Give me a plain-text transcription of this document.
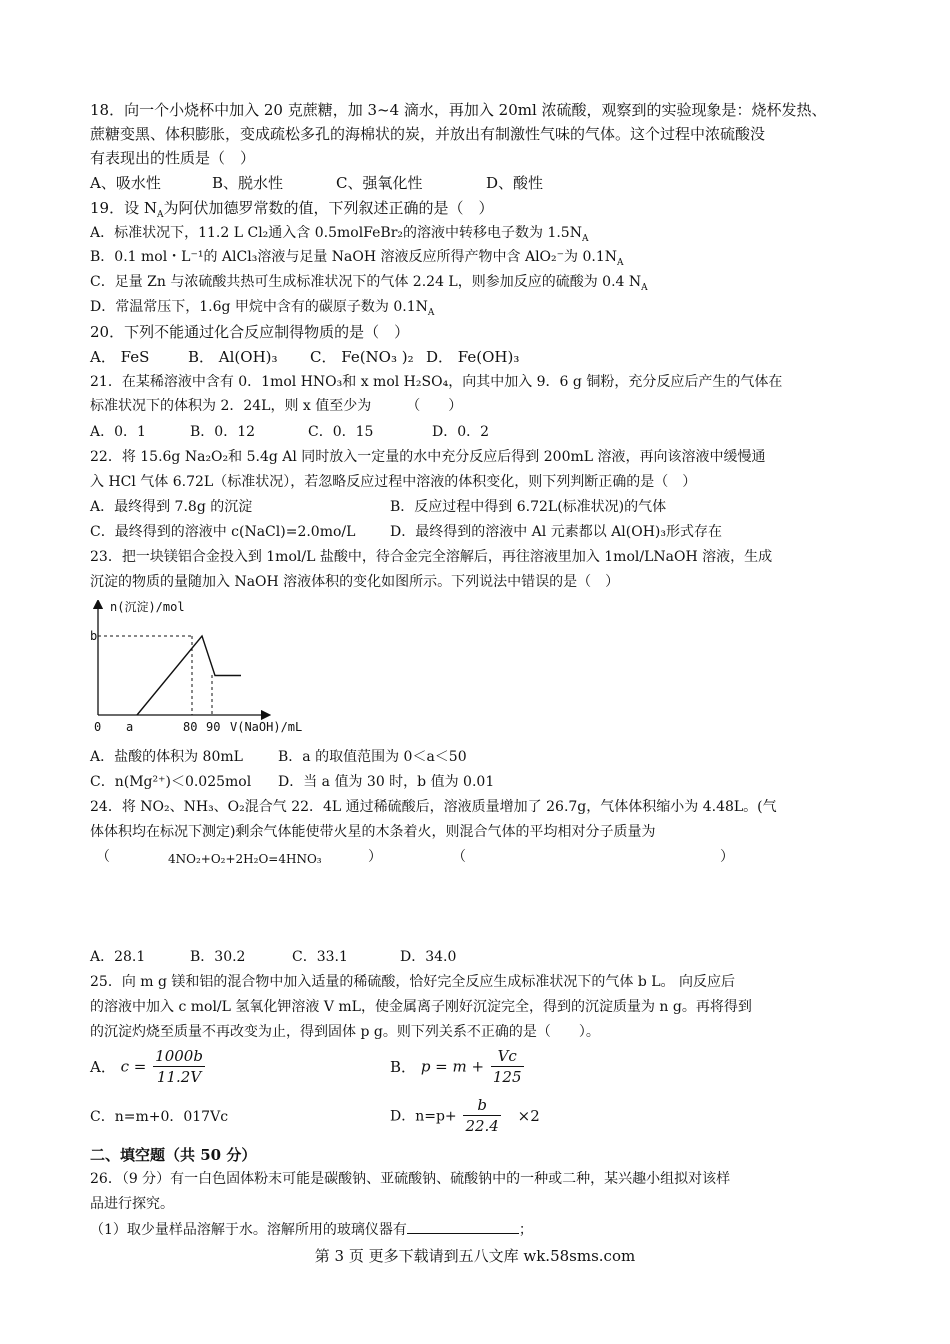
18．向一个小烧杯中加入 20 克蔗糖，加 3~4 滴水，再加入 20ml 浓硫酸，观察到的实验现象是：烧杯发热、
蔗糖变黑、体积膨胀，变成疏松多孔的海棉状的炭，并放出有制激性气味的气体。这个过程中浓硫酸没
有表现出的性质是（　）
A、吸水性	B、脱水性	C、强氧化性	D、酸性
19．设 $N_A$为阿伏加德罗常数的值，下列叙述正确的是（　）
A．标准状况下，11.2 L Cl₂通入含 0.5molFeBr₂的溶液中转移电子数为 $1.5N_A$
B．0.1 mol・L⁻¹的 AlCl₃溶液与足量 NaOH 溶液反应所得产物中含 AlO₂⁻为 $0.1N_A$
C．足量 Zn 与浓硫酸共热可生成标准状况下的气体 2.24 L，则参加反应的硫酸为 0.4 $N_A$
D．常温常压下，1.6g 甲烷中含有的碳原子数为 $0.1N_A$
20．下列不能通过化合反应制得物质的是（　）
A． FeS	B． Al(OH)₃ C． Fe(NO₃ )₂ D． Fe(OH)₃
21．在某稀溶液中含有 0．1mol HNO₃和 x mol H₂SO₄，向其中加入 9．6 g 铜粉，充分反应后产生的气体在
标准状况下的体积为 2．24L，则 x 值至少为　　　（　　）
A．0．1	B．0．12	C．0．15	D．0．2
22．将 15.6g Na₂O₂和 5.4g Al 同时放入一定量的水中充分反应后得到 200mL 溶液，再向该溶液中缓慢通
入 HCl 气体 6.72L（标准状况），若忽略反应过程中溶液的体积变化，则下列判断正确的是（　）
A．最终得到 7.8g 的沉淀	B．反应过程中得到 6.72L(标准状况)的气体
C．最终得到的溶液中 c(NaCl)=2.0mo/L D．最终得到的溶液中 Al 元素都以 Al(OH)₃形式存在
23．把一块镁铝合金投入到 1mol/L 盐酸中，待合金完全溶解后，再往溶液里加入 1mol/LNaOH 溶液，生成
沉淀的物质的量随加入 NaOH 溶液体积的变化如图所示。下列说法中错误的是（　）
n(沉淀)/mol
V(NaOH)/mL
0
b
a	80 90
A．盐酸的体积为 80mL	B．a 的取值范围为 0＜a＜50
C．n(Mg²⁺)＜0.025mol D．当 a 值为 30 时，b 值为 0.01
24．将 NO₂、NH₃、O₂混合气 22．4L 通过稀硫酸后，溶液质量增加了 26.7g，气体体积缩小为 4.48L。(气
体体积均在标况下测定)剩余气体能使带火星的木条着火，则混合气体的平均相对分子质量为
（	4NO₂+O₂+2H₂O=4HNO₃	）	（	）
A．28.1	B．30.2	C．33.1	D．34.0
25．向 m g 镁和铝的混合物中加入适量的稀硫酸，恰好完全反应生成标准状况下的气体 b L。 向反应后
的溶液中加入 c mol/L 氢氧化钾溶液 V mL，使金属离子刚好沉淀完全，得到的沉淀质量为 n g。再将得到
的沉淀灼烧至质量不再改变为止，得到固体 p g。则下列关系不正确的是（　　）。
A． $c = \frac{1000b}{11.2V}$	B． $p = m + \frac{Vc}{125}$
C．n=m+0．017Vc	D．$n=p+ \frac{b}{22.4} \times 2$
二、填空题（共 50 分）
26．（9 分）有一白色固体粉末可能是碳酸钠、亚硫酸钠、硫酸钠中的一种或二种，某兴趣小组拟对该样
品进行探究。
（1）取少量样品溶解于水。溶解所用的玻璃仪器有	；
第 3 页 更多下载请到五八文库 wk.58sms.com
